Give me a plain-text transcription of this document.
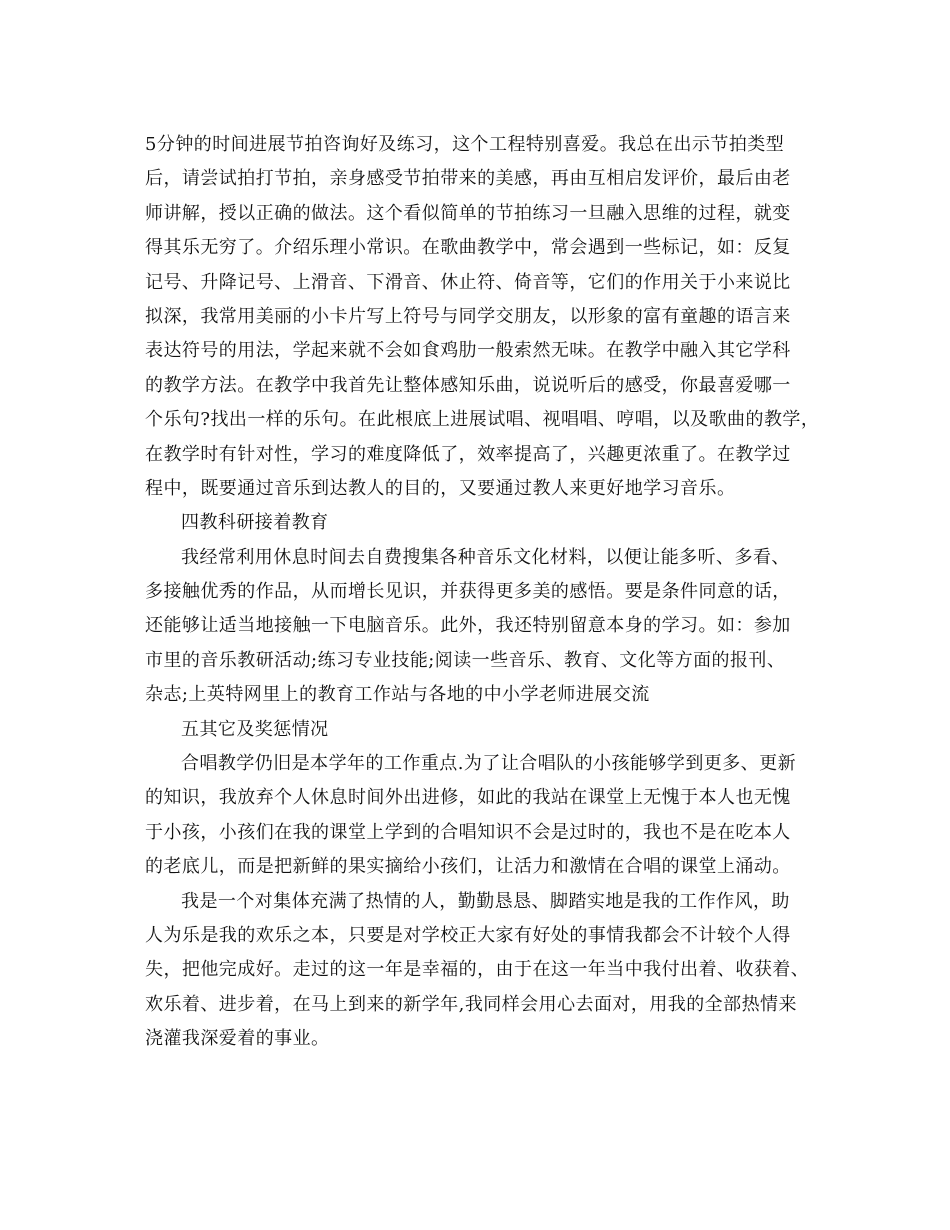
5分钟的时间进展节拍咨询好及练习，这个工程特别喜爱。我总在出示节拍类型
后，请尝试拍打节拍，亲身感受节拍带来的美感，再由互相启发评价，最后由老
师讲解，授以正确的做法。这个看似简单的节拍练习一旦融入思维的过程，就变
得其乐无穷了。介绍乐理小常识。在歌曲教学中，常会遇到一些标记，如：反复
记号、升降记号、上滑音、下滑音、休止符、倚音等，它们的作用关于小来说比
拟深，我常用美丽的小卡片写上符号与同学交朋友，以形象的富有童趣的语言来
表达符号的用法，学起来就不会如食鸡肋一般索然无味。在教学中融入其它学科
的教学方法。在教学中我首先让整体感知乐曲，说说听后的感受，你最喜爱哪一
个乐句?找出一样的乐句。在此根底上进展试唱、视唱唱、哼唱，以及歌曲的教学，
在教学时有针对性，学习的难度降低了，效率提高了，兴趣更浓重了。在教学过
程中，既要通过音乐到达教人的目的，又要通过教人来更好地学习音乐。
四教科研接着教育
我经常利用休息时间去自费搜集各种音乐文化材料，以便让能多听、多看、
多接触优秀的作品，从而增长见识，并获得更多美的感悟。要是条件同意的话，
还能够让适当地接触一下电脑音乐。此外，我还特别留意本身的学习。如：参加
市里的音乐教研活动;练习专业技能;阅读一些音乐、教育、文化等方面的报刊、
杂志;上英特网里上的教育工作站与各地的中小学老师进展交流
五其它及奖惩情况
合唱教学仍旧是本学年的工作重点.为了让合唱队的小孩能够学到更多、更新
的知识，我放弃个人休息时间外出进修，如此的我站在课堂上无愧于本人也无愧
于小孩，小孩们在我的课堂上学到的合唱知识不会是过时的，我也不是在吃本人
的老底儿，而是把新鲜的果实摘给小孩们，让活力和激情在合唱的课堂上涌动。
我是一个对集体充满了热情的人，勤勤恳恳、脚踏实地是我的工作作风，助
人为乐是我的欢乐之本，只要是对学校正大家有好处的事情我都会不计较个人得
失，把他完成好。走过的这一年是幸福的，由于在这一年当中我付出着、收获着、
欢乐着、进步着，在马上到来的新学年,我同样会用心去面对，用我的全部热情来
浇灌我深爱着的事业。
